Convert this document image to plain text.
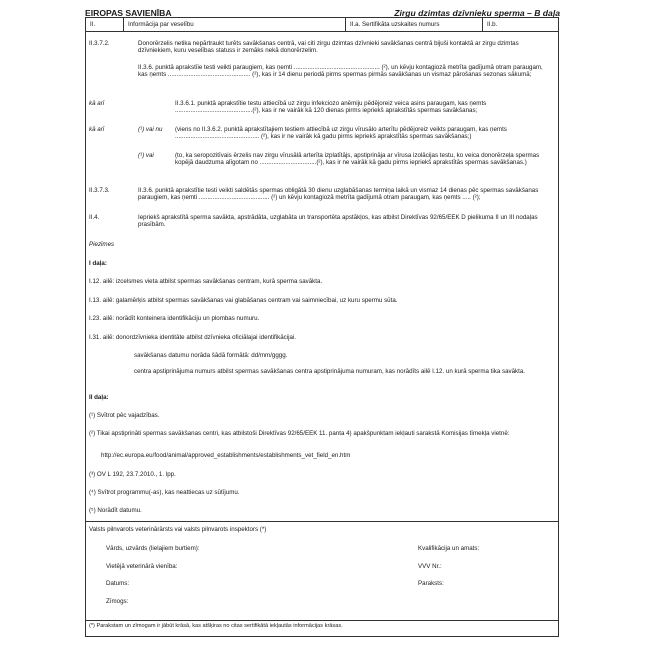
EIROPAS SAVIENĪBA	Zirgu dzimtas dzīvnieku sperma – B daļa
II.	Informācija par veselību	II.a. Sertifikāta uzskaites numurs	II.b.
II.3.7.2.	Donorērzelis netika nepārtraukt turēts savākšanas centrā, vai citi zirgu dzimtas dzīvnieki savākšanas centrā bijuši kontaktā ar zirgu dzimtas dzīvniekiem, kuru veselības statuss ir zemāks nekā donorērzelim.
II.3.6. punktā aprakstīie testi veikti paraugiem, kas ņemti .................................................. (²), un kēvju kontagiozā metrīta gadījumā otram paraugam, kas ņemts ................................................ (²), kas ir 14 dienu periodā pirms spermas pirmās savākšanas un vismaz pārošanas sezonas sākumā;
kā arī	II.3.6.1. punktā aprakstītie testu attiecībā uz zirgu infekciozo anēmiju pēdējoreiz veica asins paraugam, kas ņemts .............................................(²), kas ir ne vairāk kā 120 dienas pirms iepriekš aprakstītās spermas savākšanas;
kā arī	(¹) vai nu	(viens no II.3.6.2. punktā aprakstītajiem testiem attiecībā uz zirgu vīrusālo arterītu pēdējoreiz veikts paraugam, kas ņemts ................................................. (²), kas ir ne vairāk kā gadu pirms iepriekš aprakstītās spermas savākšanas;)
(¹) vai	(to, ka seropozitīvais ērzelis nav zirgu vīrusālā arterīta izplatītājs, apstiprināja ar vīrusa izolācijas testu, ko veica donorērzeļa spermas kopējā daudzuma alīgotam no .................................(²), kas ir ne vairāk kā gadu pirms iepriekš aprakstītās spermas savākšanas.)
II.3.7.3.	II.3.6. punktā aprakstītie testi veikti saldētās spermas obligātā 30 dienu uzglabāšanas termiņa laikā un vismaz 14 dienas pēc spermas savākšanas paraugiem, kas ņemti ......................................... (²) un kēvju kontagiozā metrīta gadījumā otram paraugam, kas ņemts ..... (²);
II.4.	Iepriekš aprakstītā sperma savākta, apstrādāta, uzglabāta un transportēta apstākļos, kas atbilst Direktīvas 92/65/EEK D pielikuma II un III nodaļas prasībām.
Piezīmes
I daļa:
I.12. ailē: izcelsmes vieta atbilst spermas savākšanas centram, kurā sperma savākta.
I.13. ailē: galamērķis atbilst spermas savākšanas vai glabāšanas centram vai saimniecībai, uz kuru spermu sūta.
I.23. ailē: norādīt konteinera identifikāciju un plombas numuru.
I.31. ailē: donordzīvnieka identitāte atbilst dzīvnieka oficiālajai identifikācijai.
savākšanas datumu norāda šādā formātā: dd/mm/gggg.
centra apstiprinājuma numurs atbilst spermas savākšanas centra apstiprinājuma numuram, kas norādīts ailē I.12. un kurā sperma tika savākta.
II daļa:
(¹) Svītrot pēc vajadzības.
(²) Tikai apstiprināti spermas savākšanas centri, kas atbilstoši Direktīvas 92/65/EEK 11. panta 4) apakšpunktam iekļauti sarakstā Komisijas tīmekļa vietnē:
http://ec.europa.eu/food/animal/approved_establishments/establishments_vet_field_en.htm
(³) OV L 192, 23.7.2010., 1. lpp.
(⁴) Svītrot programmu(-as), kas neattiecas uz sūtījumu.
(⁵) Norādīt datumu.
Valsts pilnvarots veterinārārsts vai valsts pilnvarots inspektors (*)
Vārds, uzvārds (lielajiem burtiem):	Kvalifikācija un amats:
Vietējā veterinārā vienība:	VVV Nr.:
Datums:	Paraksts:
Zīmogs:
(*) Parakstam un zīmogam ir jābūt krāsā, kas atšķiras no citas sertifikātā iekļautās informācijas krāsas.
